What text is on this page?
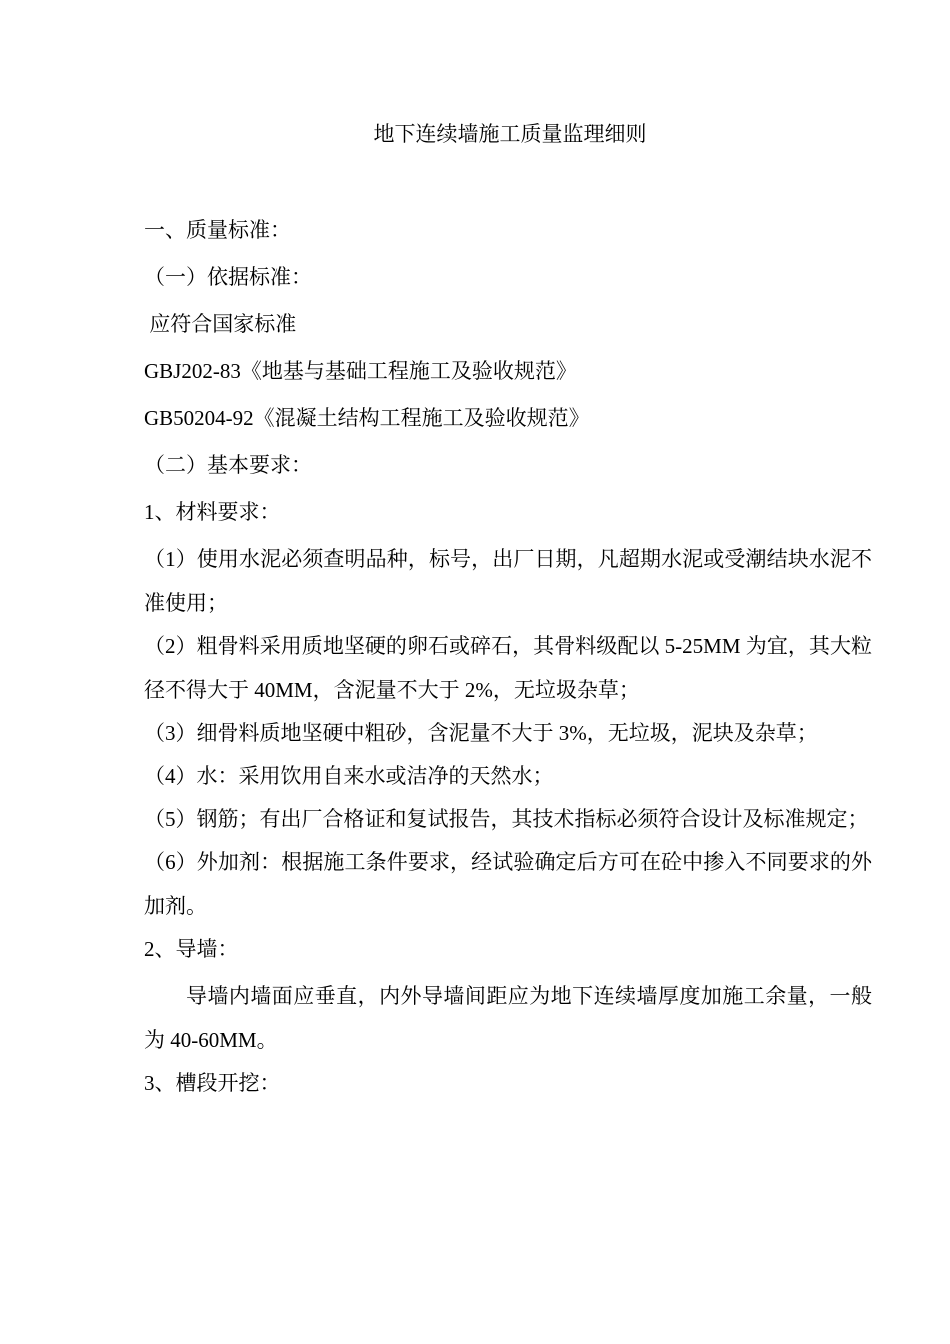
地下连续墙施工质量监理细则
一、质量标准：
（一）依据标准：
应符合国家标准
GBJ202-83《地基与基础工程施工及验收规范》
GB50204-92《混凝土结构工程施工及验收规范》
（二）基本要求：
1、材料要求：
（1）使用水泥必须查明品种，标号，出厂日期，凡超期水泥或受潮结块水泥不准使用；
（2）粗骨料采用质地坚硬的卵石或碎石，其骨料级配以 5-25MM 为宜，其大粒径不得大于 40MM，含泥量不大于 2%，无垃圾杂草；
（3）细骨料质地坚硬中粗砂，含泥量不大于 3%，无垃圾，泥块及杂草；
（4）水：采用饮用自来水或洁净的天然水；
（5）钢筋；有出厂合格证和复试报告，其技术指标必须符合设计及标准规定；
（6）外加剂：根据施工条件要求，经试验确定后方可在砼中掺入不同要求的外加剂。
2、导墙：
导墙内墙面应垂直，内外导墙间距应为地下连续墙厚度加施工余量，一般为 40-60MM。
3、槽段开挖：
